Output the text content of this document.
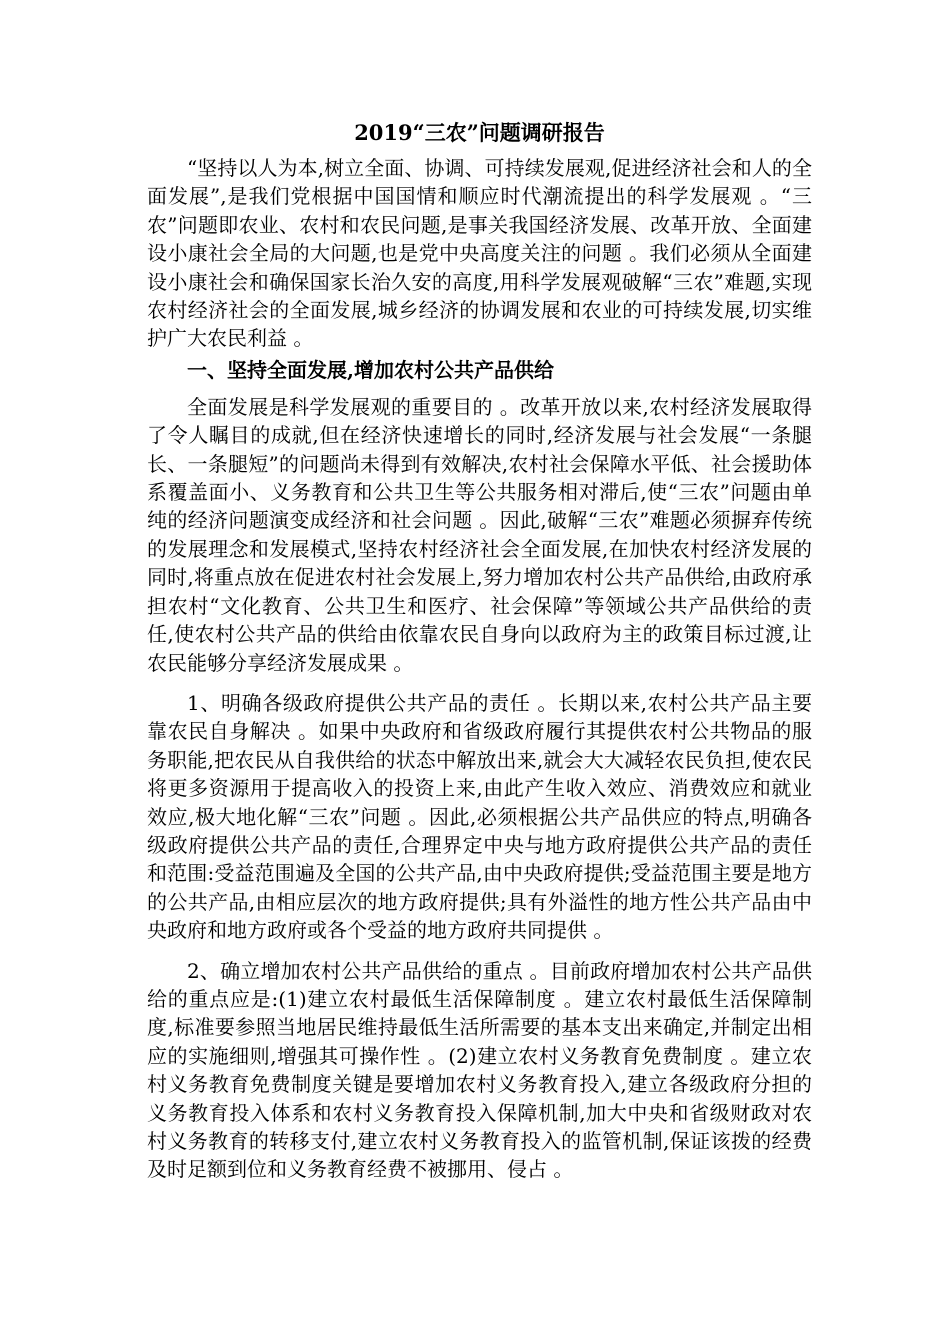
2019“三农”问题调研报告

“坚持以人为本,树立全面、协调、可持续发展观,促进经济社会和人的全面发展”,是我们党根据中国国情和顺应时代潮流提出的科学发展观 。“三农”问题即农业、农村和农民问题,是事关我国经济发展、改革开放、全面建设小康社会全局的大问题,也是党中央高度关注的问题 。我们必须从全面建设小康社会和确保国家长治久安的高度,用科学发展观破解“三农”难题,实现农村经济社会的全面发展,城乡经济的协调发展和农业的可持续发展,切实维护广大农民利益 。

一、坚持全面发展,增加农村公共产品供给

全面发展是科学发展观的重要目的 。改革开放以来,农村经济发展取得了令人瞩目的成就,但在经济快速增长的同时,经济发展与社会发展“一条腿长、一条腿短”的问题尚未得到有效解决,农村社会保障水平低、社会援助体系覆盖面小、义务教育和公共卫生等公共服务相对滞后,使“三农”问题由单纯的经济问题演变成经济和社会问题 。因此,破解“三农”难题必须摒弃传统的发展理念和发展模式,坚持农村经济社会全面发展,在加快农村经济发展的同时,将重点放在促进农村社会发展上,努力增加农村公共产品供给,由政府承担农村“文化教育、公共卫生和医疗、社会保障”等领域公共产品供给的责任,使农村公共产品的供给由依靠农民自身向以政府为主的政策目标过渡,让农民能够分享经济发展成果 。

1、明确各级政府提供公共产品的责任 。长期以来,农村公共产品主要靠农民自身解决 。如果中央政府和省级政府履行其提供农村公共物品的服务职能,把农民从自我供给的状态中解放出来,就会大大减轻农民负担,使农民将更多资源用于提高收入的投资上来,由此产生收入效应、消费效应和就业效应,极大地化解“三农”问题 。因此,必须根据公共产品供应的特点,明确各级政府提供公共产品的责任,合理界定中央与地方政府提供公共产品的责任和范围:受益范围遍及全国的公共产品,由中央政府提供;受益范围主要是地方的公共产品,由相应层次的地方政府提供;具有外溢性的地方性公共产品由中央政府和地方政府或各个受益的地方政府共同提供 。

2、确立增加农村公共产品供给的重点 。目前政府增加农村公共产品供给的重点应是:(1)建立农村最低生活保障制度 。建立农村最低生活保障制度,标准要参照当地居民维持最低生活所需要的基本支出来确定,并制定出相应的实施细则,增强其可操作性 。(2)建立农村义务教育免费制度 。建立农村义务教育免费制度关键是要增加农村义务教育投入,建立各级政府分担的义务教育投入体系和农村义务教育投入保障机制,加大中央和省级财政对农村义务教育的转移支付,建立农村义务教育投入的监管机制,保证该拨的经费及时足额到位和义务教育经费不被挪用、侵占 。
